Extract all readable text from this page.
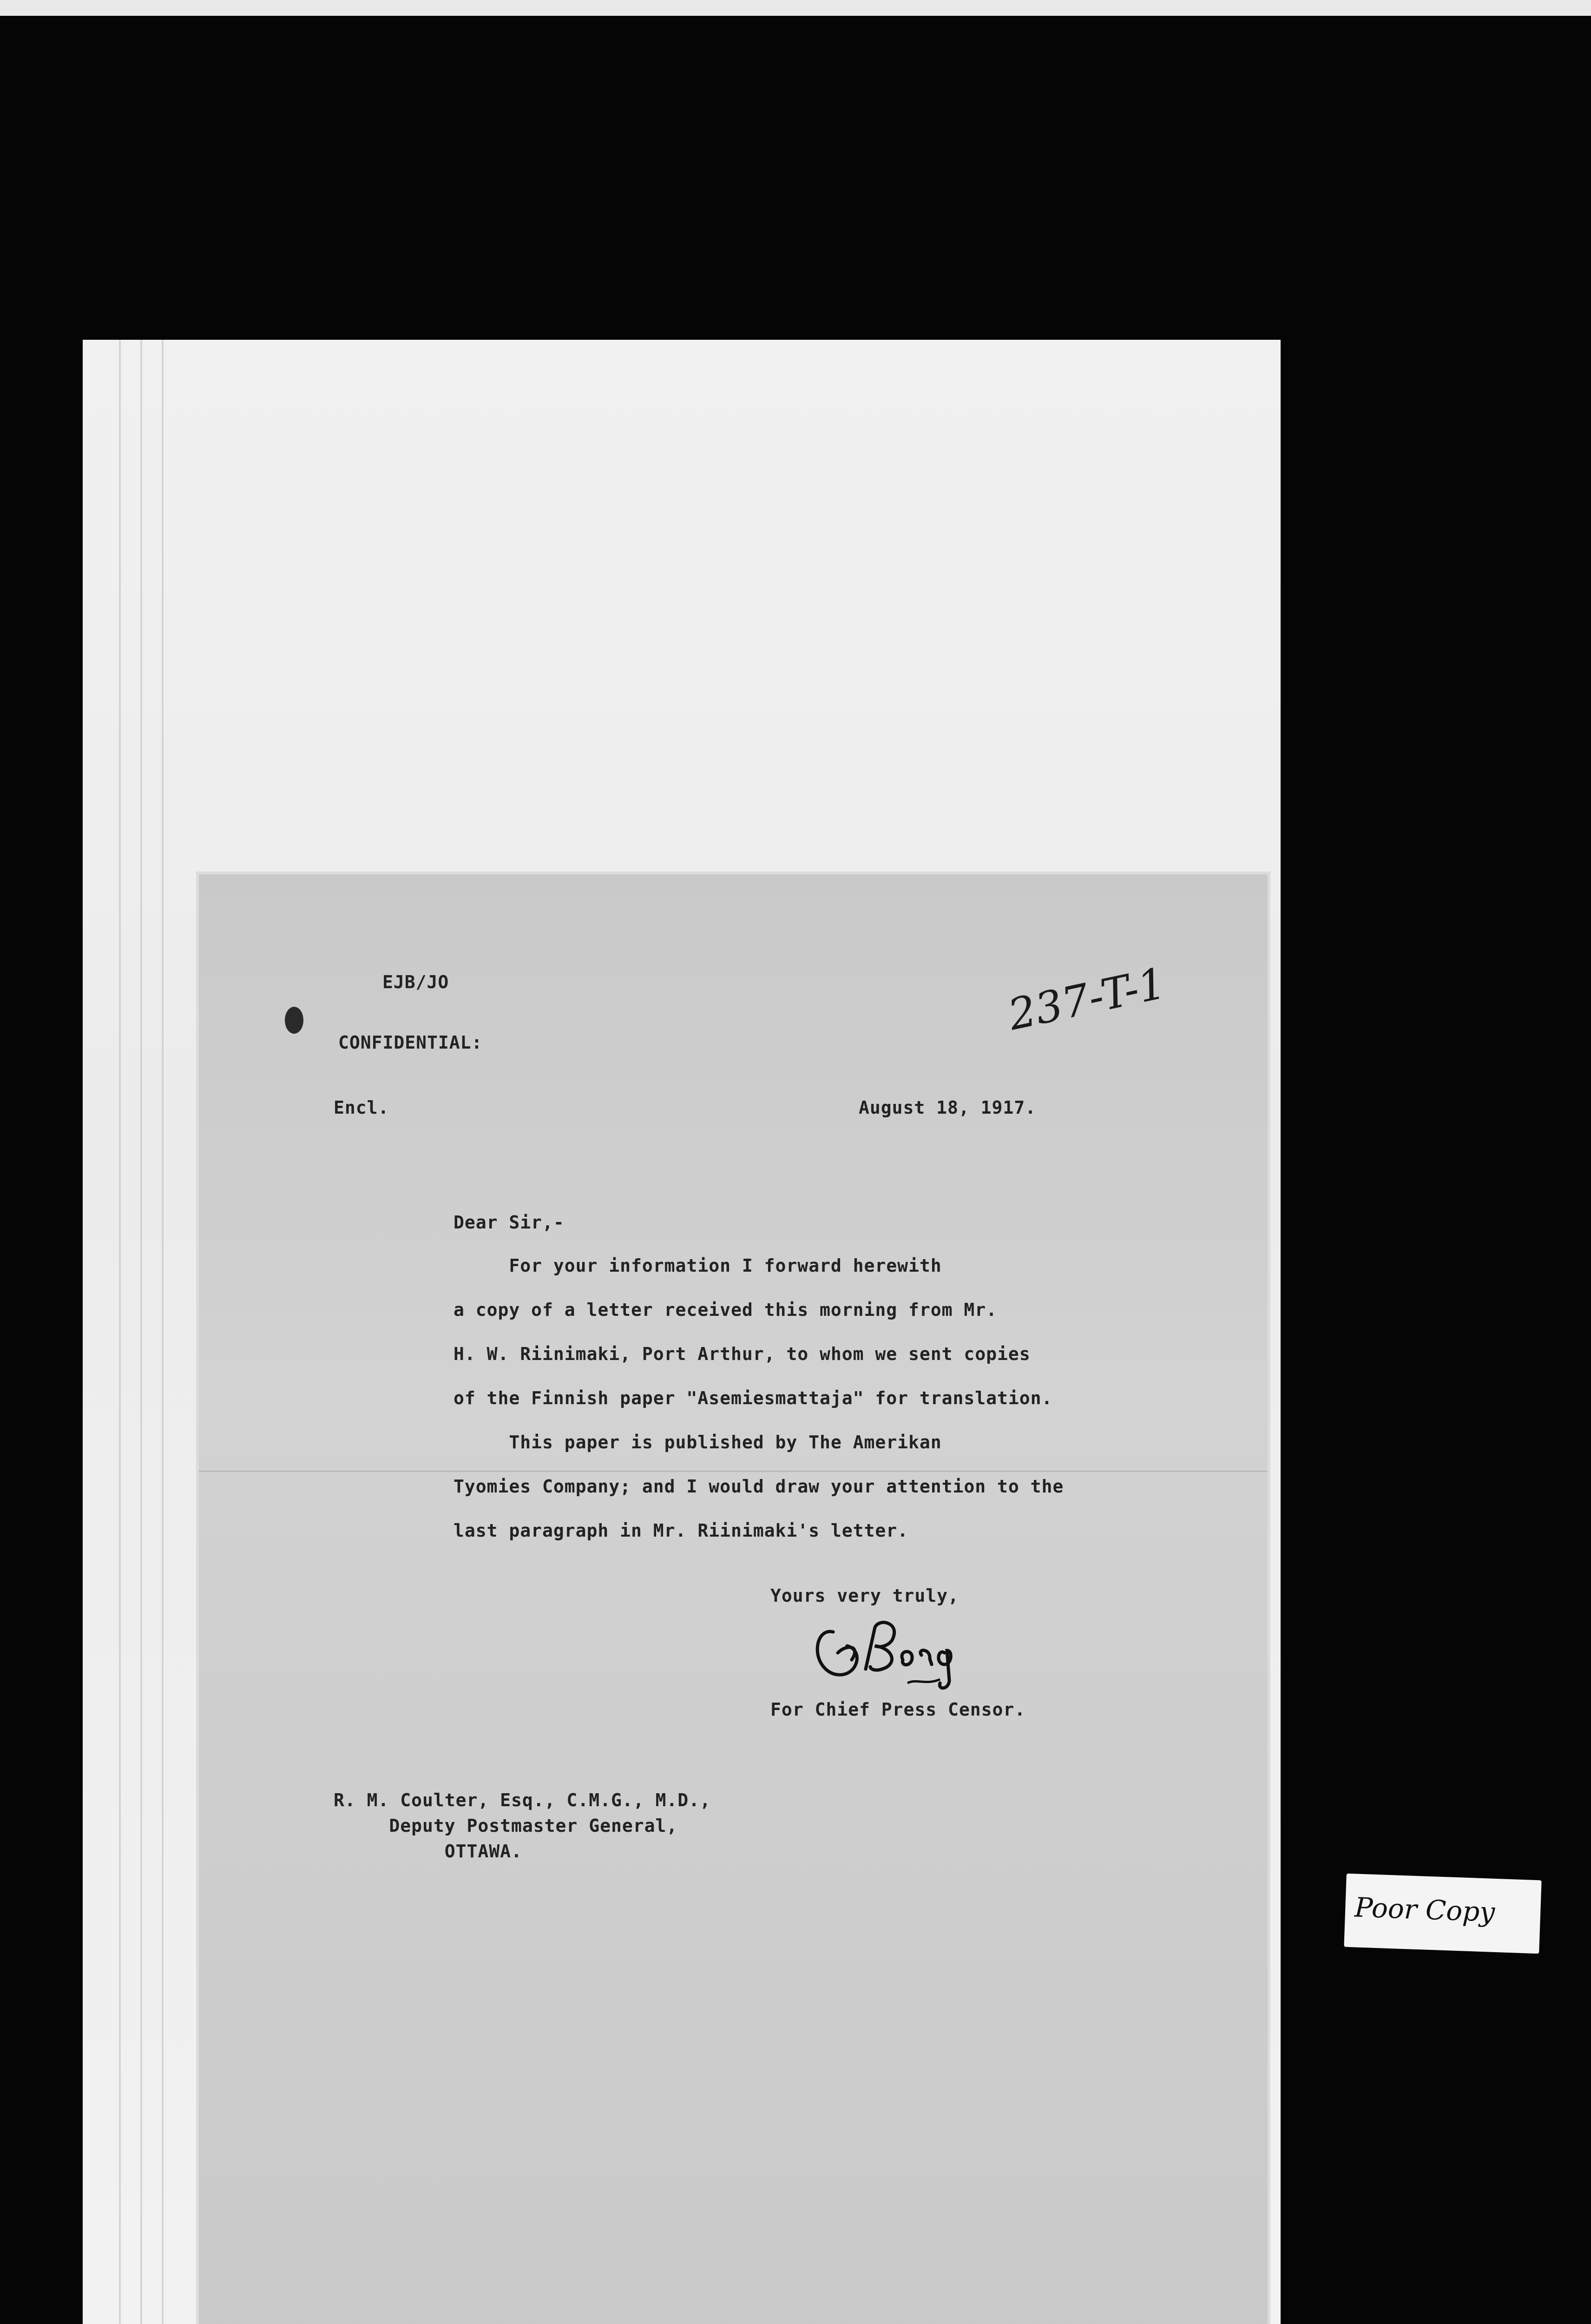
EJB/JO
CONFIDENTIAL:
Encl.	August 18, 1917.
237-T-1
Dear Sir,-
For your information I forward herewith
a copy of a letter received this morning from Mr.
H. W. Riinimaki, Port Arthur, to whom we sent copies
of the Finnish paper "Asemiesmattaja" for translation.
This paper is published by The Amerikan
Tyomies Company; and I would draw your attention to the
last paragraph in Mr. Riinimaki's letter.
Yours very truly,
For Chief Press Censor.
R. M. Coulter, Esq., C.M.G., M.D.,
Deputy Postmaster General,
OTTAWA.
Poor Copy
